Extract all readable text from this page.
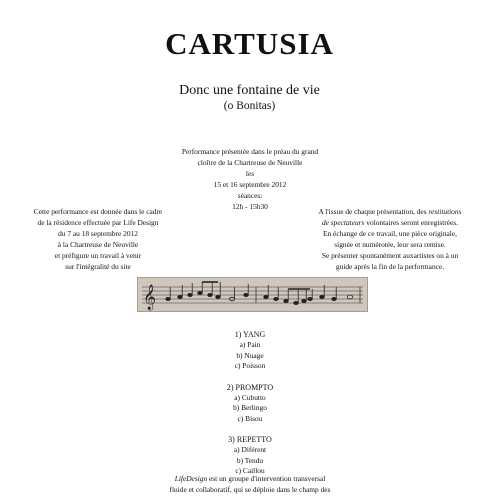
CARTUSIA
Donc une fontaine de vie
(o Bonitas)
Performance présentée dans le préau du grand
cloître de la Chartreuse de Neuville
les
15 et 16 septembre 2012
séances:
12h - 15h30
Cette performance est donnée dans le cadre
de la résidence effectuée par Life Design
du 7 au 18 septembre 2012
à la Chartreuse de Neuville
et préfigure un travail à venir
sur l'intégralité du site
A l'issue de chaque présentation, des restitutions
de spectateurs volontaires seront enregistrées.
En échange de ce travail, une pièce originale,
signée et numérotée, leur sera remise.
Se présenter spontanément auxartistes ou à un
guide après la fin de la performance.
𝄞
1) YANG
a) Pain
b) Nuage
c) Poisson
2) PROMPTO
a) Cubutto
b) Berlingo
c) Bisou
3) REPETTO
a) Diférent
b) Tendu
c) Caillou
LifeDesign est un groupe d'intervention transversal
fluide et collaboratif, qui se déploie dans le champ des
